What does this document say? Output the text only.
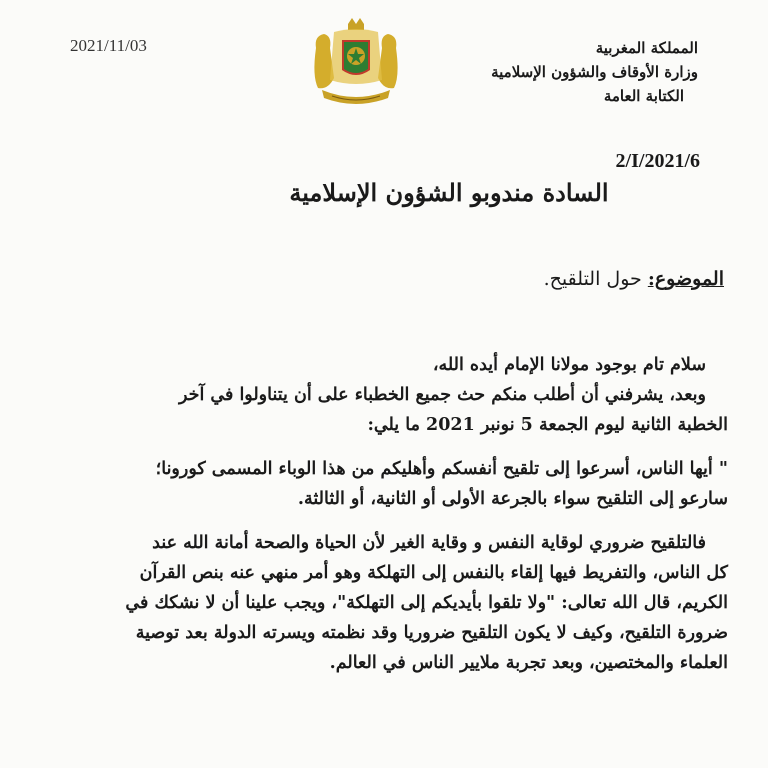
2021/11/03	المملكة المغربية
وزارة الأوقاف والشؤون الإسلامية
الكتابة العامة
2/I/2021/6
السادة مندوبو الشؤون الإسلامية
الموضوع: حول التلقيح.

سلام تام بوجود مولانا الإمام أيده الله،

وبعد، يشرفني أن أطلب منكم حث جميع الخطباء على أن يتناولوا في آخر

الخطبة الثانية ليوم الجمعة 5 نونبر 2021 ما يلي:

" أيها الناس، أسرعوا إلى تلقيح أنفسكم وأهليكم من هذا الوباء المسمى كورونا؛

سارعو إلى التلقيح سواء بالجرعة الأولى أو الثانية، أو الثالثة.

فالتلقيح ضروري لوقاية النفس و وقاية الغير لأن الحياة والصحة أمانة الله عند

كل الناس، والتفريط فيها إلقاء بالنفس إلى التهلكة وهو أمر منهي عنه بنص القرآن

الكريم، قال الله تعالى: "ولا تلقوا بأيديكم إلى التهلكة"، ويجب علينا أن لا نشكك في

ضرورة التلقيح، وكيف لا يكون التلقيح ضروريا وقد نظمته ويسرته الدولة بعد توصية

العلماء والمختصين، وبعد تجربة ملايير الناس في العالم.
